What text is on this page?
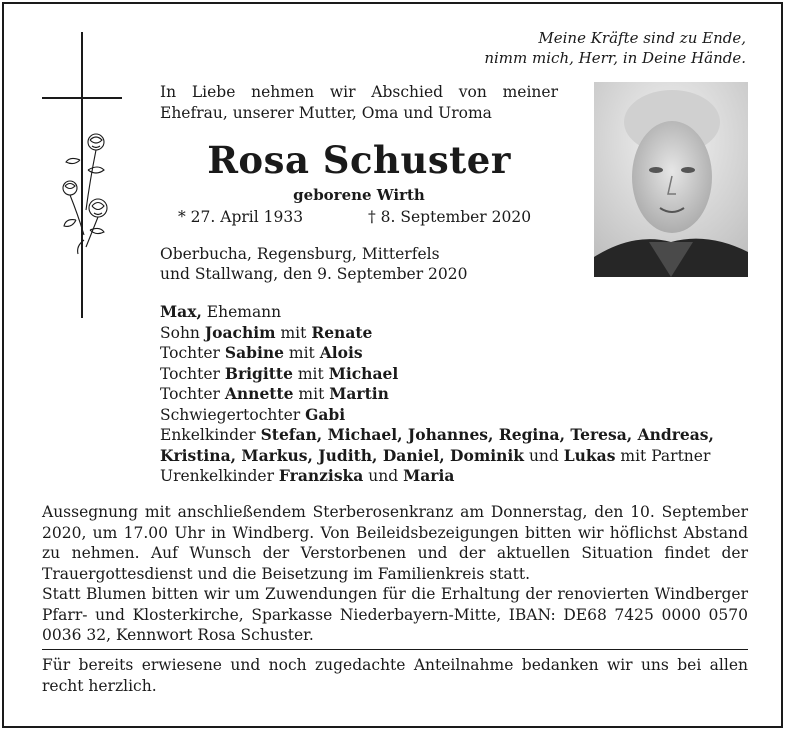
Meine Kräfte sind zu Ende,
nimm mich, Herr, in Deine Hände.
In Liebe nehmen wir Abschied von meiner Ehefrau, unserer Mutter, Oma und Uroma
Rosa Schuster
geborene Wirth
* 27. April 1933	† 8. September 2020
Oberbucha, Regensburg, Mitterfels
und Stallwang, den 9. September 2020
Max, Ehemann
Sohn Joachim mit Renate
Tochter Sabine mit Alois
Tochter Brigitte mit Michael
Tochter Annette mit Martin
Schwiegertochter Gabi
Enkelkinder Stefan, Michael, Johannes, Regina, Teresa, Andreas,
Kristina, Markus, Judith, Daniel, Dominik und Lukas mit Partner
Urenkelkinder Franziska und Maria
Aussegnung mit anschließendem Sterberosenkranz am Donnerstag, den 10. September 2020, um 17.00 Uhr in Windberg. Von Beileidsbezeigungen bitten wir höflichst Abstand zu nehmen. Auf Wunsch der Verstorbenen und der aktuellen Situation findet der Trauergottesdienst und die Beisetzung im Familienkreis statt.
Statt Blumen bitten wir um Zuwendungen für die Erhaltung der renovierten Windberger Pfarr- und Klosterkirche, Sparkasse Niederbayern-Mitte, IBAN: DE68 7425 0000 0570 0036 32, Kennwort Rosa Schuster.
Für bereits erwiesene und noch zugedachte Anteilnahme bedanken wir uns bei allen recht herzlich.
